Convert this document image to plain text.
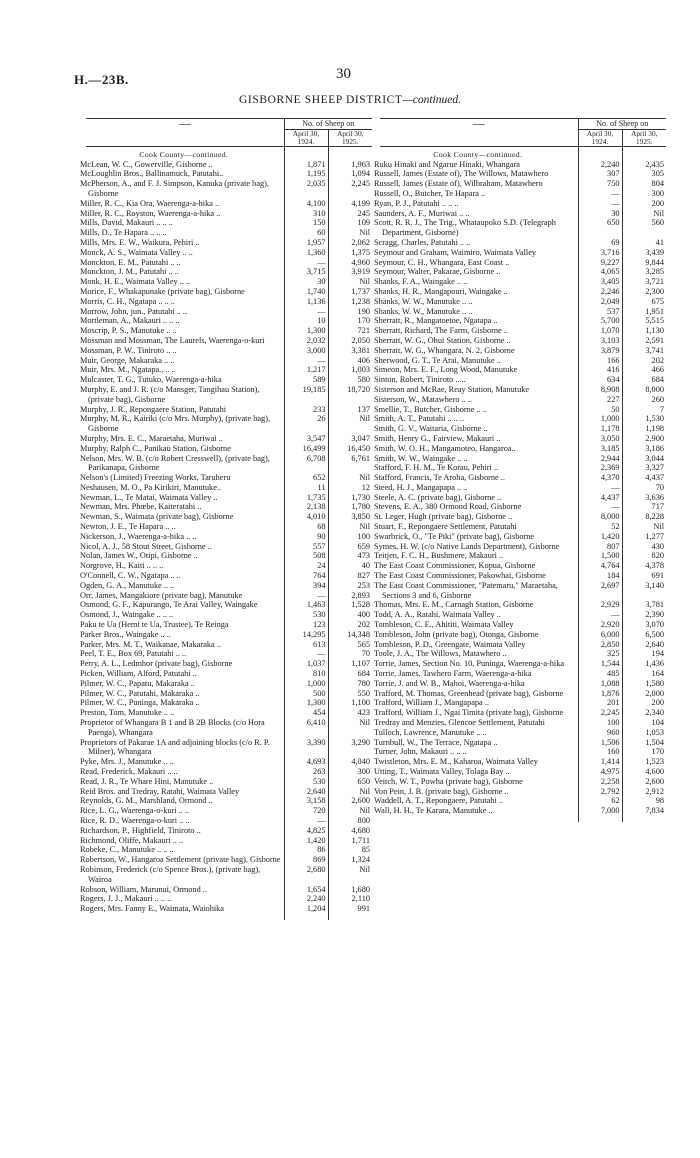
H.—23B.	30
GISBORNE SHEEP DISTRICT—continued.
—	No. of Sheep on	
	April 30, 1924.	April 30, 1925.
Cook County—continued.		
McLean, W. C., Gowerville, Gisborne ..	1,871	1,963
McLoughlin Bros., Ballinamuck, Patutahi..	1,195	1,094
McPherson, A., and F. J. Simpson, Kanuka (private bag), Gisborne	2,035	2,245
Miller, R. C., Kia Ora, Waerenga-a-hika ..	4,100	4,199
Miller, R. C., Royston, Waerenga-a-hika ..	310	245
Mills, David, Makauri .. .. ..	150	109
Mills, D., Te Hapara .. .. ..	60	Nil
Mills, Mrs. E. W., Waikura, Pehiri ..	1,957	2,062
Monck, A. S., Waimata Valley .. ..	1,360	1,375
Monckton, E. M., Patutahi .. ..	—	4,960
Monckton, J. M., Patutahi .. ..	3,715	3,919
Monk, H. E., Waimata Valley .. ..	30	Nil
Morice, F., Whakapunake (private bag), Gisborne	1,740	1,737
Morris, C. H., Ngatapa .. .. ..	1,136	1,238
Morrow, John, jun., Patutahi .. ..	—	190
Mortleman, A., Makauri .. .. ..	10	170
Moscrip, P. S., Manutuke .. ..	1,300	721
Mossman and Mossman, The Laurels, Waerenga-o-kuri	2,032	2,050
Mossman, P. W., Tiniroto .. ..	3,000	3,381
Muir, George, Makaraka .. ..	—	406
Muir, Mrs. M., Ngatapa.. .. ..	1,217	1,003
Mulcaster, T. G., Tutuko, Waerenga-a-hika	589	580
Murphy, E. and J. R. (c/o Mansger, Tangihau Station), (private bag), Gisborne	19,185	18,720
Murphy, J. R., Repongaere Station, Patutahi	233	137
Murphy, M. R., Kairiki (c/o Mrs. Murphy), (private bag), Gisborne	26	Nil
Murphy, Mrs. E. C., Maraetaha, Muriwai ..	3,547	3,047
Murphy, Ralph C., Panikau Station, Gisborne	16,499	16,450
Nelson, Mrs. W. B. (c/o Robert Cresswell), (private bag), Parikanapa, Gisborne	6,708	6,761
Nelson's (Limited) Freezing Works, Taruheru	652	Nil
Neshausen, M. O., Pa Kirikiri, Manutuke..	11	12
Newman, L., Te Matai, Waimata Valley ..	1,735	1,730
Newman, Mrs. Phœbe, Kaiteratahi ..	2,138	1,780
Newman, S., Waimata (private bag), Gisborne	4,010	3,850
Newton, J. E., Te Hapara .. ..	68	Nil
Nickerson, J., Waerenga-a-hika .. ..	90	100
Nicol, A. J., 58 Stout Street, Gisborne ..	557	659
Nolan, James W., Otipi, Gisborne ..	508	473
Norgrove, H., Kaiti .. .. ..	24	40
O'Connell, C. W., Ngatapa .. ..	764	827
Ogden, G. A., Manutuke .. ..	394	253
Orr, James, Mangakiore (private bag), Manutuke	—	2,893
Osmond, G. F., Kapurango, Te Arai Valley, Waingake	1,463	1,528
Osmond, J., Waingake .. .. ..	530	400
Paku te Ua (Hemi te Ua, Trustee), Te Reinga	123	202
Parker Bros., Waingake .. ..	14,295	14,348
Parker, Mrs. M. T., Waikanae, Makaraka ..	613	565
Peel, T. E., Box 69, Patutahi .. ..	—	70
Perry, A. L., Ledmhor (private bag), Gisborne	1,037	1,107
Picken, William, Alford, Patutahi ..	810	684
Pilmer, W. C., Papatu, Makaraka ..	1,000	780
Pilmer, W. C., Patutahi, Makaraka ..	500	550
Pilmer, W. C., Puninga, Makaraka ..	1,300	1,100
Preston, Tom, Manutuke .. ..	454	423
Proprietor of Whangara B 1 and B 2B Blocks (c/o Hora Paenga), Whangara	6,410	Nil
Proprietors of Pakarae 1A and adjoining blocks (c/o R. P. Milner), Whangara	3,390	3,290
Pyke, Mrs. J., Manutuke .. ..	4,693	4,040
Read, Frederick, Makauri .. ..	263	300
Read, J. R., Te Whare Hini, Manutuke ..	530	650
Reid Bros. and Tredray, Ratahi, Waimata Valley	2,640	Nil
Reynolds, G. M., Marshland, Ormond ..	3,158	2,600
Rice, L. G., Waerenga-o-kuri .. ..	720	Nil
Rice, R. D., Waerenga-o-kuri .. ..	—	800
Richardson, P., Highfield, Tiniroto ..	4,825	4,680
Richmond, Oliffe, Makauri .. ..	1,420	1,711
Robeke, C., Manutuke .. .. ..	86	85
Robertson, W., Hangaroa Settlement (private bag), Gisborne	869	1,324
Robinson, Frederick (c/o Spence Bros.), (private bag), Wairoa	2,680	Nil
Robson, William, Marunui, Ormond ..	1,654	1,680
Rogers, J. J., Makauri .. .. ..	2,240	2,110
Rogers, Mrs. Fanny E., Waimata, Waiohika	1,204	991

—	No. of Sheep on	
	April 30, 1924.	April 30, 1925.
Cook County—continued.		
Ruku Hinaki and Ngarue Hinaki, Whangara	2,240	2,435
Russell, James (Estate of), The Willows, Matawhero	307	305
Russell, James (Estate of), Wilbraham, Matawhero	750	804
Russell, O., Butcher, Te Hapara ..	—	300
Ryan, P. J., Patutahi .. .. ..	—	200
Saunders, A. F., Muriwai .. ..	30	Nil
Scott, R. R. J., The Trig., Whataupoko S.D. (Telegraph Department, Gisborne)	650	560
Scragg, Charles, Patutahi .. ..	69	41
Seymour and Graham, Waimiro, Waimata Valley	3,716	3,439
Seymour, C. H., Whangara, East Coast ..	9,227	9,844
Seymour, Walter, Pakarae, Gisborne ..	4,065	3,285
Shanks, F. A., Waingake .. ..	3,405	3,721
Shanks, H. R., Mangapouri, Waingake ..	2,246	2,300
Shanks, W. W., Manutuke .. ..	2,049	675
Shanks, W. W., Manutuke .. ..	537	1,951
Sherratt, R., Mangatoetoe, Ngatapa ..	5,700	5,515
Sherratt, Richard, The Farm, Gisborne ..	1,070	1,130
Sherratt, W. G., Ohui Station, Gisborne ..	3,103	2,591
Sherratt, W. G., Whangara, N. 2, Gisborne	3,879	3,741
Sherwood, G. T., Te Arai, Manutuke ..	166	202
Simeon, Mrs. E. F., Long Wood, Manutuke	416	466
Sinton, Robert, Tiniroto .. ..	634	684
Sisterson and McRae, Reay Station, Manutuke	8,908	8,000
Sisterson, W., Matawhero .. ..	227	260
Smellie, T., Butcher, Gisborne .. ..	50	7
Smith, A. T., Patutahi .. .. ..	1,000	1,530
Smith, G. V., Waitaria, Gisborne ..	1,178	1,198
Smith, Henry G., Fairview, Makauri ..	3,050	2,900
Smith, W. O. H., Mangamoteo, Hangaroa..	3,185	3,186
Smith, W. W., Waingake .. ..	2,944	3,044
Stafford, F. H. M., Te Korau, Pehiri ..	2,369	3,327
Stafford, Francis, Te Aroha, Gisborne ..	4,370	4,437
Steed, H. J., Mangapapa .. ..	—	70
Steele, A. C. (private bag), Gisborne ..	4,437	3,636
Stevens, E. A., 380 Ormond Road, Gisborne	—	717
St. Leger, Hugh (private bag), Gisborne ..	8,000	8,228
Stuart, F., Repongaere Settlement, Patutahi	52	Nil
Swarbrick, O., "Te Piki" (private bag), Gisborne	1,420	1,277
Symes, H. W. (c/o Native Lands Department), Gisborne	807	430
Teitjen, F. C. H., Bushmere, Makauri ..	1,500	820
The East Coast Commissioner, Kopua, Gisborne	4,764	4,378
The East Coast Commissioner, Pakowhai, Gisborne	184	691
The East Coast Commissioner, "Patemaru," Maraetaha, Sections 3 and 6, Gisborne	2,697	3,140
Thomas, Mrs. E. M., Carnagh Station, Gisborne	2,929	3,781
Todd, A. A., Ratahi, Waimata Valley ..	—	2,390
Tombleson, C. E., Ahititi, Waimata Valley	2,920	3,070
Tombleson, John (private bag), Otonga, Gisborne	6,000	6,500
Tombleson, P. D., Greengate, Waimata Valley	2,850	2,640
Toole, J. A., The Willows, Matawhero ..	325	194
Torrie, James, Section No. 10, Puninga, Waerenga-a-hika	1,544	1,436
Torrie, James, Tawhero Farm, Waerenga-a-hika	485	164
Torrie, J. and W. B., Mahoi, Waerenga-a-hika	1,088	1,580
Trafford, M. Thomas, Greenhead (private bag), Gisborne	1,876	2,000
Trafford, William J., Mangapapa ..	201	200
Trafford, William J., Ngai Timita (private bag), Gisborne	2,245	2,340
Tredray and Menzies, Glencoe Settlement, Patutahi	100	104
Tulloch, Lawrence, Manutuke .. ..	960	1,053
Turnbull, W., The Terrace, Ngatapa ..	1,506	1,504
Turner, John, Makauri .. .. ..	160	170
Twistleton, Mrs. E. M., Kaharoa, Waimata Valley	1,414	1,523
Utting, T., Waimata Valley, Tolaga Bay ..	4,975	4,600
Veitch, W. T., Powha (private bag), Gisborne	2,258	2,600
Von Pein, J. B. (private bag), Gisborne ..	2,792	2,912
Waddell, A. T., Repongaere, Patutahi ..	62	98
Wall, H. H., Te Karara, Manutuke ..	7,000	7,834
